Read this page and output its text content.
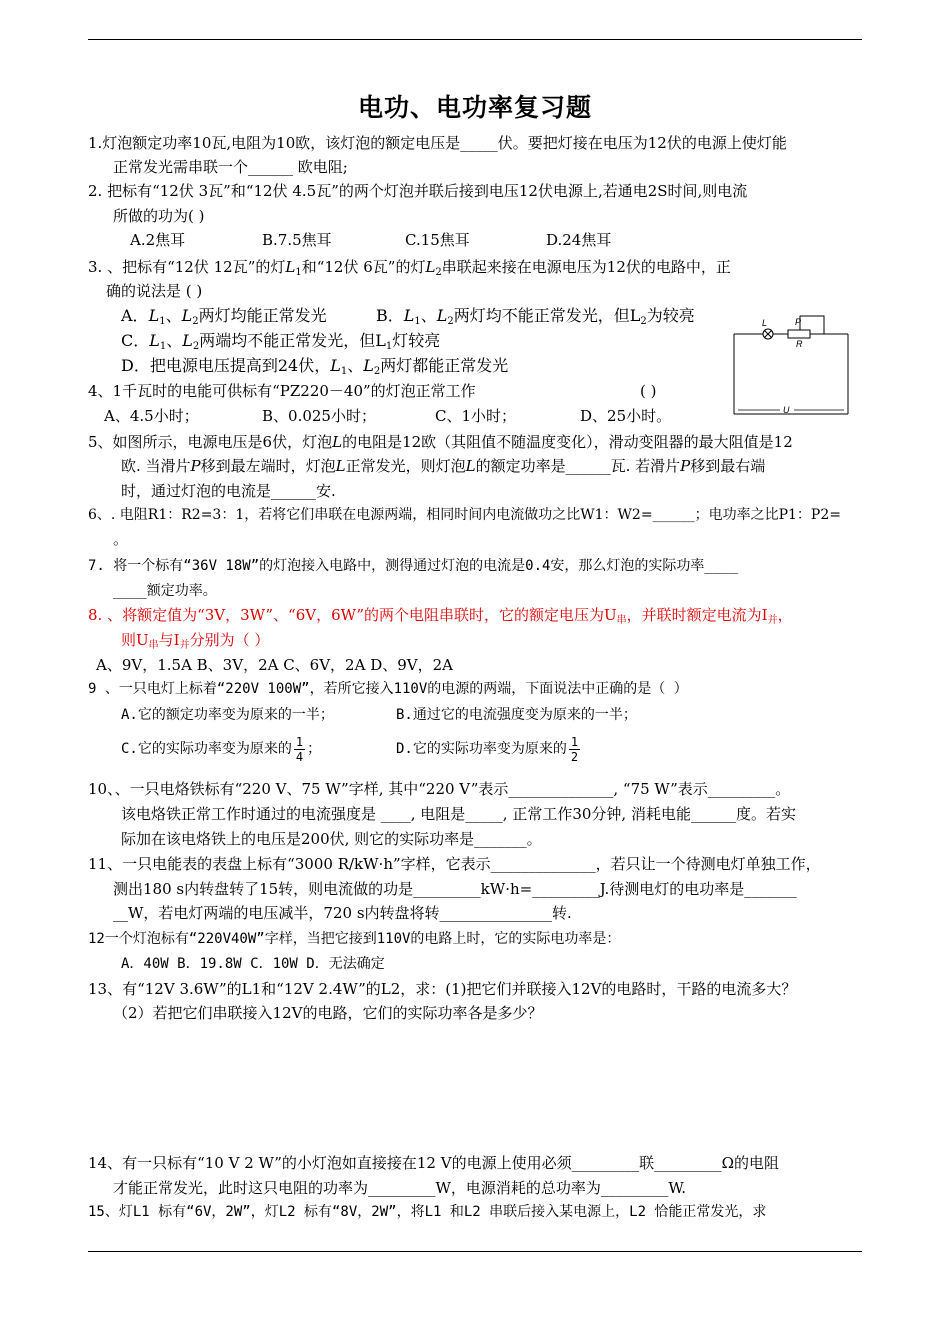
电功、电功率复习题
1.灯泡额定功率10瓦,电阻为10欧，该灯泡的额定电压是_____伏。要把灯接在电压为12伏的电源上使灯能
正常发光需串联一个______ 欧电阻;
2. 把标有“12伏 3瓦”和“12伏 4.5瓦”的两个灯泡并联后接到电压12伏电源上,若通电2S时间,则电流
所做的功为( )
A.2焦耳	B.7.5焦耳	C.15焦耳	D.24焦耳
3. 、把标有“12伏 12瓦”的灯$L_1$和“12伏 6瓦”的灯$L_2$串联起来接在电源电压为12伏的电路中，正
确的说法是 ( )
A．$L_1$、$L_2$两灯均能正常发光	B．$L_1$、$L_2$两灯均不能正常发光，但$L_2$为较亮
C．$L_1$、$L_2$两端均不能正常发光，但$L_1$灯较亮
D．把电源电压提高到24伏，$L_1$、$L_2$两灯都能正常发光
L	P
R
U
4、1千瓦时的电能可供标有“PZ220－40”的灯泡正常工作	( )
A、4.5小时；	B、0.025小时；	C、1小时；	D、25小时。
5、如图所示，电源电压是6伏，灯泡L的电阻是12欧（其阻值不随温度变化），滑动变阻器的最大阻值是12
欧. 当滑片P移到最左端时，灯泡L正常发光，则灯泡L的额定功率是______瓦. 若滑片P移到最右端
时，通过灯泡的电流是______安.
6、. 电阻R1：R2=3：1，若将它们串联在电源两端，相同时间内电流做功之比W1：W2=______；电功率之比P1：P2=
。
7. 将一个标有“36V 18W”的灯泡接入电路中，测得通过灯泡的电流是0.4安，那么灯泡的实际功率____
____额定功率。
8. 、将额定值为“3V，3W”、“6V，6W”的两个电阻串联时，它的额定电压为$U_串$，并联时额定电流为$I_并$，
则$U_串$与$I_并$分别为（ ）
A、9V，1.5A B、3V，2A C、6V，2A D、9V，2A
9 、一只电灯上标着“220V 100W”，若所它接入110V的电源的两端，下面说法中正确的是（ ）
A.它的额定功率变为原来的一半；	B.通过它的电流强度变为原来的一半；
C.它的实际功率变为原来的 $\frac{1}{4}$ ；	D.它的实际功率变为原来的 $\frac{1}{2}$
10、、一只电烙铁标有“220 V、75 W”字样, 其中“220 V”表示______________, “75 W”表示_________。
该电烙铁正常工作时通过的电流强度是 ____, 电阻是_____, 正常工作30分钟, 消耗电能______度。若实
际加在该电烙铁上的电压是200伏, 则它的实际功率是_______。
11、一只电能表的表盘上标有“3000 R/kW·h”字样，它表示______________，若只让一个待测电灯单独工作，
测出180 s内转盘转了15转，则电流做的功是_________kW·h=_________J.待测电灯的电功率是_______
__W，若电灯两端的电压减半，720 s内转盘将转_______________转.
12一个灯泡标有“220V40W”字样，当把它接到110V的电路上时，它的实际电功率是：
A．40W B．19.8W C．10W D．无法确定
13、有“12V 3.6W”的L1和“12V 2.4W”的L2，求：(1)把它们并联接入12V的电路时，干路的电流多大？
（2）若把它们串联接入12V的电路，它们的实际功率各是多少？
14、有一只标有“10 V 2 W”的小灯泡如直接接在12 V的电源上使用必须_________联_________Ω的电阻
才能正常发光，此时这只电阻的功率为_________W，电源消耗的总功率为_________W.
15、灯L1 标有“6V，2W”，灯L2 标有“8V，2W”，将L1 和L2 串联后接入某电源上，L2 恰能正常发光，求
